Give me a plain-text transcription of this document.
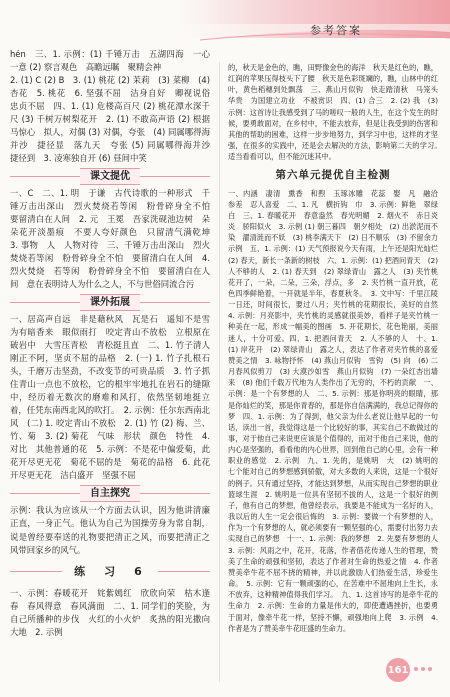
参考答案

hén　三、1. 示例：(1) 千锤万击　五湖四海　一心一意 (2) 察言观色　高瞻远瞩　聚精会神

2. (1) C (2) B　3. (1) 桃花 (2) 茉莉　(3) 菜柳　(4) 杏花　5. 桃花　6. 坚强不屈　洁身自好　卿视说俗　忠贞不屈　四、1. (1) 危楼高百尺 (2) 桃花潭水深千尺 (3) 千树万树梨花开　2. (1) 不敢高声语 (2) 根据马惊心　拟人，对偶 (3) 对偶，夸张　(4) 同属哪得海并沙　捷径显　落九天　夸张 (5) 同属哪得海并沙　捷径到　3. 凌寒独自开 (6) 昼间中笑

课文提优

一、C　二、1. 明　于谦　古代诗歌的一种形式　千锤万击出深山　烈火焚烧若等闲　粉骨碎身全不怕　要留清白在人间　2. 元　王冕　吾家洗砚池边树　朵朵花开淡墨痕　不要人夸好颜色　只留清气满乾坤　3. 事物　人　人物对待　三、千锤万击出深山　烈火焚烧若等闲　粉骨碎身全不怕　要留清白在人间　4. 烈火焚烧　若等闲　粉骨碎身全不怕　要留清白在人间　意在表明诗人为什么之人，不与世俗同流合污

课外拓展

一、居高声自远　非是藉秋风　瓦是石　遥知不是雪　为有暗香来　眼似雨打　咬定青山不放松　立根原在破岩中　大雪压青松　青松挺且直　二、1. 竹子清人刚正不阿，坚贞不屈的品格　2. (一) 1. 竹子扎根石头，千磨万击坚劲，不改变节的可贵品质　3. 竹子抓住青山一点也不放松，它的根牢牢地扎在岩石的缝隙中，经历着无数次的磨难和风打，依然坚韧地挺立着，任凭东南西北风的吹打。　2. 示例：任尔东西南北风　(二) 1. 咬定青山不放松　2. (1) 竹 (2) 梅、兰、竹、菊　3. (2) 菊花　气味　形状　颜色　特性　4. 对比　其他普通的花　5. 示例：不是花中偏爱菊，此花开尽更无花　菊花不屈的是　菊花的品格　6. 此花开尽更无花　洁白盛开　坚强不屈

自主探究

示例：我认为应该从一个方面去认识，因为他讲清廉正直，一身正气。他认为自己为国操劳身为常自制，说是曾经要奉送的礼物要把清正之风，而要把清正之风带回家乡的风气。

练　习　6

一、示例：春暖花开　姹紫嫣红　欣欣向荣　枯木逢春　春风得意　春风满面　二、1. 同学们的笑脸，为自己所播种的步伐　火红的小火炉　炙热的阳光撒向大地　2. 示例

的，秋天是金色的，瞧，田野像金色的海洋　秋天是红色的，瞧，红润的苹果压得枝头下了腰　秋天是色彩斑斓的，瞧，山林中的红叶，黄色稻穗到处飘荡　三、燕山月似钩　快走踏清秋　马笼头　华贵　为国建立功业　不被赏识　四、(1) 合三　2. (2) 我　(3) 示例：这首诗让我感受到了马的嗟叹一般的人生，在这个发生的时候，要勇敢面对，在乡村中，不能去放弃，但是让我受到的伤害和其他的帮助的困难，这样一步步地努力，到学习中也，这样的才坚强，在很多的实践中，还是会去解决的方法，影响第二天的学习。　适当看看可以，但不能沉迷其中。

第六单元提优自主检测

一、内涵　凄清　熏香　和煦　玉琢冰雕　花蕊　娶　凡　融洽　参差　忍人喜爱　二、1. 凡　横折钩　巾　3. 示例：鲜艳　翠绿　白　三、1. 春暖花开　春意盎然　春光明媚　2. 烟火不　赤日炎炎　骄阳似火　3. 示例 (1) 朝三暮四　朝夕相处　(2) 出淤泥而不染　濯清涟而不妖　(3) 桃李满天下　(2) 日不顺乐　(3) 不留余力　示例　五、1. 示例：(1) 天气预报说今天有雨，上午还是阳光灿烂　(2) 春天，新长一条新的树枝　六、1. 示例：(1) 把酒问青天　(2) 人不够的人　2. (1) 春天到　(2) 翠绿青山　露之人　(3) 夹竹桃花开了，一朵，二朵，三朵，浮点，多　2. 夹竹桃一直开放，花色四季鲜艳着，一开就是半年，春夏秋冬。　3. 文中写：千里江陵一日还，时间很长，要过八月；夹竹桃的花期很长，美好的自然　4. 示例：月亮影中，夹竹桃的灵感就很美妙，看样子是夹竹桃一种美在一起，形成一幅美的图画　5. 开花期长，花色艳丽，美丽迷人，十分可爱。四、1. 把酒问青天　2. 人不够的人　十、1. (1) 岸花开　(2) 翠绿青山　露之人，表达了作者对夹竹桃的喜爱赞美之情　3. 咏物抒怀　(4) 燕山月似钩　雪钩　(5) 向　(6) 二月春风似剪刀　(3) 大漠沙如雪　燕山月似钩　(7) 一朵红杏出墙来　(8) 他们千载万代地为人类作出了无穷的，不朽的贡献　一、示例：是一个有梦想的人　二、5. 示例：那是你明亮的眼睛，那是你灿烂的笑，那是你青春的，那是你自信满满的，我总记得你的梦　四、1. 示例：为了得到，他父亲为什么老说让他早起的一句话，读出一首，我觉得这是一个比较好的事，其实自己不敢做过的事，对于他自己来说更应该是个值得的，而对于他自己来说，他的内心是坚强的，看看他的内心世界，回到他自己的心里，会有一种职业的感觉　2. 示例　九、1. 先的，是姚明　大　(2) 姚明的　七个能对自己的梦想感到骄傲，对大多数的人来说，这是一个很好的例子。只有通过坚持，才能达到梦想，从而实现自己梦想的职业篮球生涯　2. 姚明是一位具有坚韧不拔的人，这是一个很好的例子，他有自己的梦想，他曾经表示，我要是不能成为一名好的人，我以后的人生一定会很后悔的　3. 示例：要做一个有梦想的人，作为一个有梦想的人，就必须要有一颗坚强的心，需要付出努力去实现自己的梦想　十一、1. 示例：我的梦想　2. 先要有梦想的人　3. 示例：风雨之中，花开，花落，作者借花传递人生的哲理，赞美了生命的顽强和坚韧，表达了作者对生命的热爱之情　4. 作者赞美牵牛花不屈不挠的精神，并以此激励人们热爱生活，珍爱生命。　5. 示例：它有一颗顽强的心，在苦难中不屈地向上生长，永不放弃，这种精神值得我们学习。　九、1. 这首诗写的是牵牛花的生命力　2. 示例：生命的力量是伟大的，即使遭遇挫折，也要勇于面对，像牵牛花一样，坚持不懈，顽强地向上爬　3. 示例　4. 作者是为了赞美牵牛花旺盛的生命力。

161
